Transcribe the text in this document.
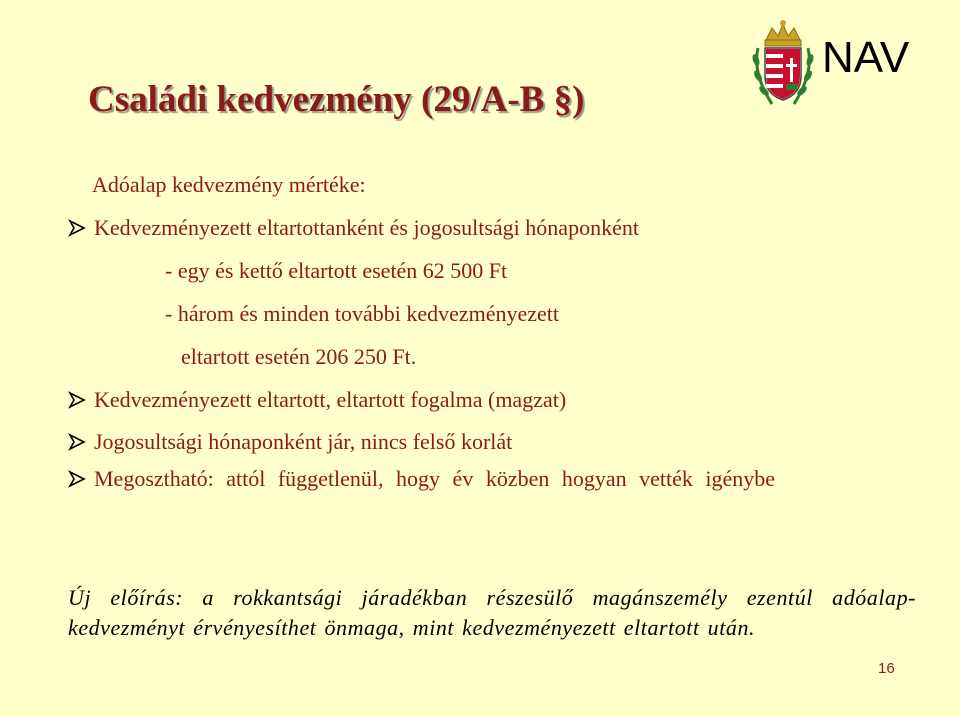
Családi kedvezmény (29/A-B §)
NAV
Adóalap kedvezmény mértéke:
Kedvezményezett eltartottanként és jogosultsági hónaponként
- egy és kettő eltartott esetén 62 500 Ft
- három és minden további kedvezményezett
eltartott esetén 206 250 Ft.
Kedvezményezett eltartott, eltartott fogalma (magzat)
Jogosultsági hónaponként jár, nincs felső korlát
Megosztható: attól függetlenül, hogy év közben hogyan vették igénybe
Új előírás: a rokkantsági járadékban részesülő magánszemély ezentúl adóalap-kedvezményt érvényesíthet önmaga, mint kedvezményezett eltartott után.
16
